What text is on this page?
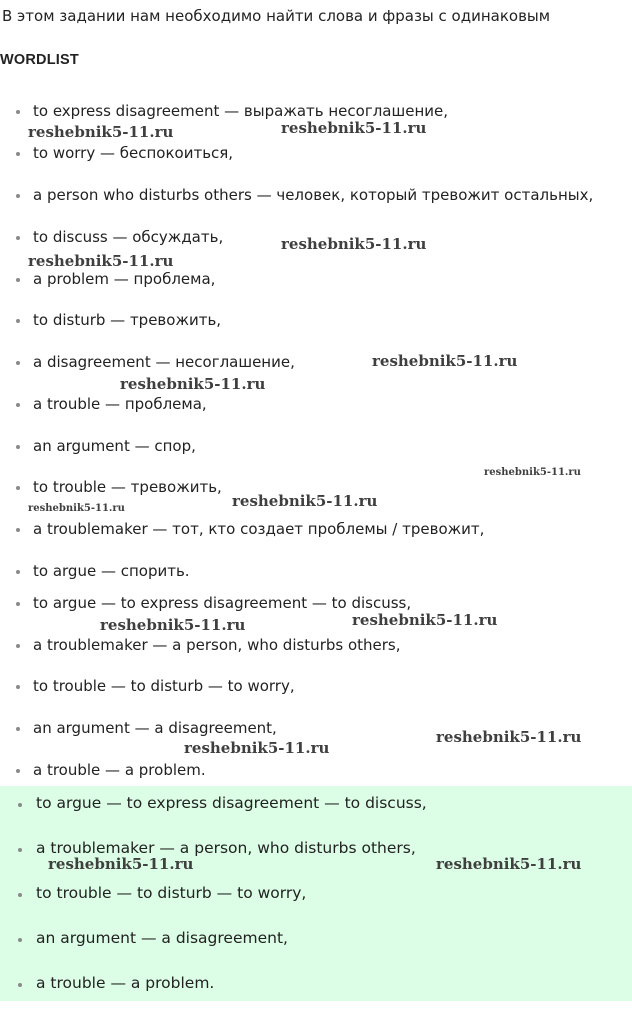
В этом задании нам необходимо найти слова и фразы с одинаковым
WORDLIST
to express disagreement — выражать несоглашение,
to worry — беспокоиться,
a person who disturbs others — человек, который тревожит остальных,
to discuss — обсуждать,
a problem — проблема,
to disturb — тревожить,
a disagreement — несоглашение,
a trouble — проблема,
an argument — спор,
to trouble — тревожить,
a troublemaker — тот, кто создает проблемы / тревожит,
to argue — спорить.
to argue — to express disagreement — to discuss,
a troublemaker — a person, who disturbs others,
to trouble — to disturb — to worry,
an argument — a disagreement,
a trouble — a problem.
to argue — to express disagreement — to discuss,
a troublemaker — a person, who disturbs others,
to trouble — to disturb — to worry,
an argument — a disagreement,
a trouble — a problem.
reshebnik5-11.ru	reshebnik5-11.ru
reshebnik5-11.ru
reshebnik5-11.ru
reshebnik5-11.ru
reshebnik5-11.ru
reshebnik5-11.ru
reshebnik5-11.ru
reshebnik5-11.ru
reshebnik5-11.ru	reshebnik5-11.ru
reshebnik5-11.ru
reshebnik5-11.ru
reshebnik5-11.ru	reshebnik5-11.ru
